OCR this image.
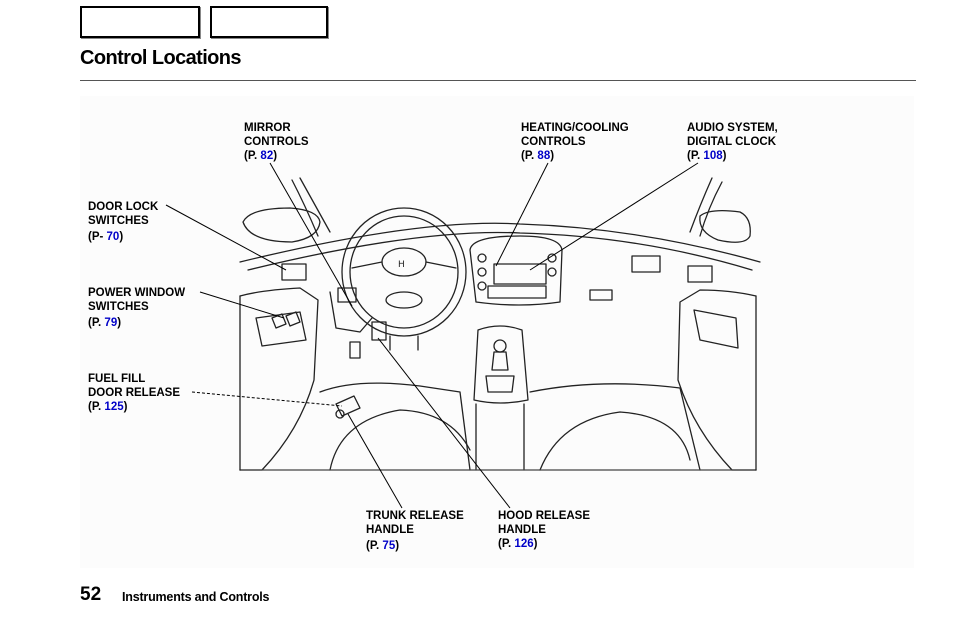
Control Locations
H
MIRROR
CONTROLS
(P. 82)
HEATING/COOLING
CONTROLS
(P. 88)
AUDIO SYSTEM,
DIGITAL CLOCK
(P. 108)
DOOR LOCK
SWITCHES
(P- 70)
POWER WINDOW
SWITCHES
(P. 79)
FUEL FILL
DOOR RELEASE
(P. 125)
TRUNK RELEASE
HANDLE
(P. 75)
HOOD RELEASE
HANDLE
(P. 126)
52 Instruments and Controls
